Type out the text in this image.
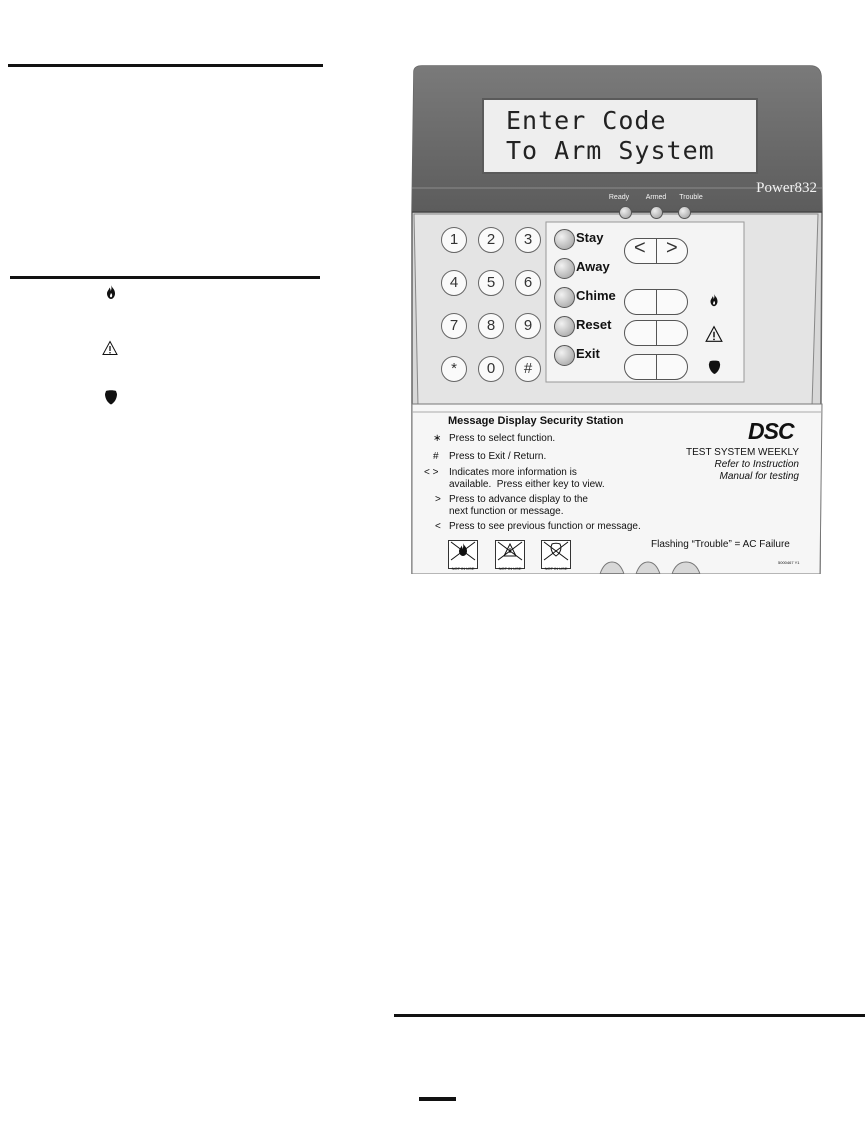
Enter Code
To Arm System
Power832
Ready	Armed	Trouble
1	2	3
4	5	6
7	8	9
*	0	#
Stay
Away
Chime
Reset
Exit
< >
Message Display Security Station
∗ Press to select function.
# Press to Exit / Return.
< > Indicates more information is
available.  Press either key to view.
> Press to advance display to the
next function or message.
< Press to see previous function or message.
DSC
TEST SYSTEM WEEKLY
Refer to Instruction
Manual for testing
NOT IN USE	NOT IN USE	NOT IN USE
Flashing “Trouble” = AC Failure
5000467 Y1
